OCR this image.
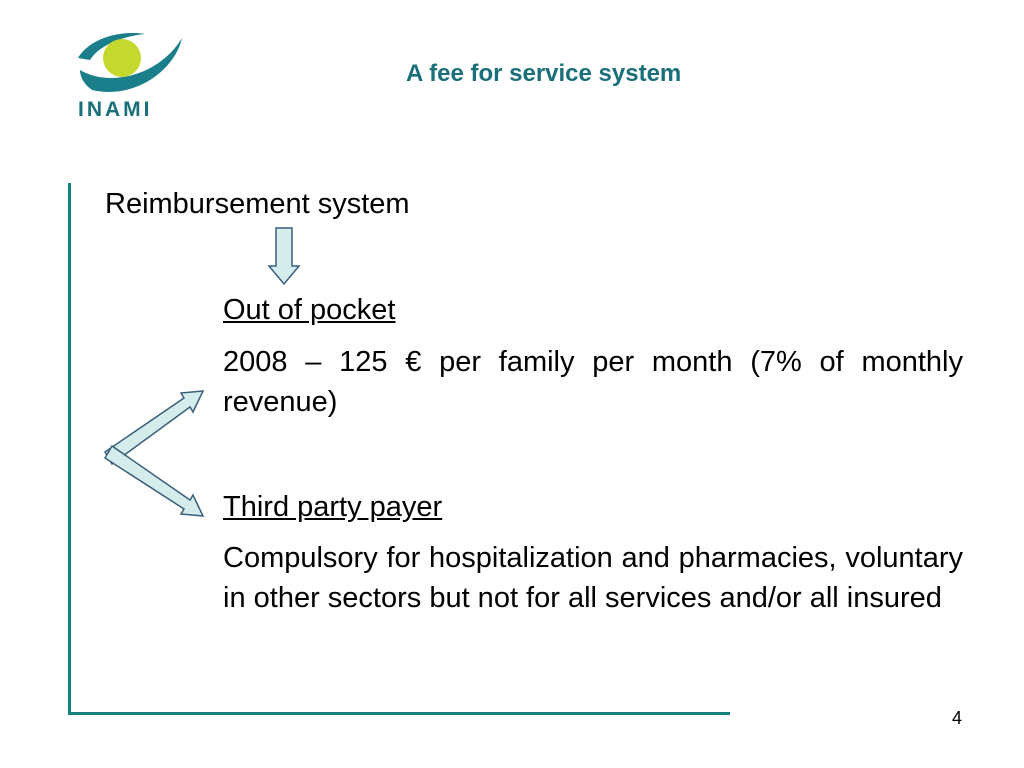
INAMI
A fee for service system
Reimbursement system
Out of pocket
2008 – 125 € per family per month (7% of monthly revenue)
Third party payer
Compulsory for hospitalization and pharmacies, voluntary in other sectors but not for all services and/or all insured
4
